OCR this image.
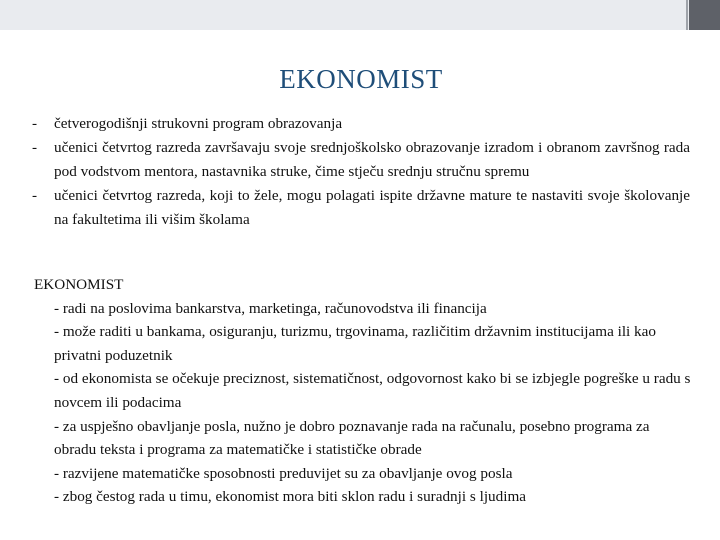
EKONOMIST
- četverogodišnji strukovni program obrazovanja
- učenici četvrtog razreda završavaju svoje srednjoškolsko obrazovanje izradom i obranom završnog rada pod vodstvom mentora, nastavnika struke, čime stječu srednju stručnu spremu
- učenici četvrtog razreda, koji to žele, mogu polagati ispite državne mature te nastaviti svoje školovanje na fakultetima ili višim školama
EKONOMIST
- radi na poslovima bankarstva, marketinga, računovodstva ili financija
- može raditi u bankama, osiguranju, turizmu, trgovinama, različitim državnim institucijama ili kao privatni poduzetnik
- od ekonomista se očekuje preciznost, sistematičnost, odgovornost kako bi se izbjegle pogreške u radu s novcem ili podacima
- za uspješno obavljanje posla, nužno je dobro poznavanje rada na računalu, posebno programa za obradu teksta i programa za matematičke i statističke obrade
- razvijene matematičke sposobnosti preduvijet su za obavljanje ovog posla
- zbog čestog rada u timu, ekonomist mora biti sklon radu i suradnji s ljudima
